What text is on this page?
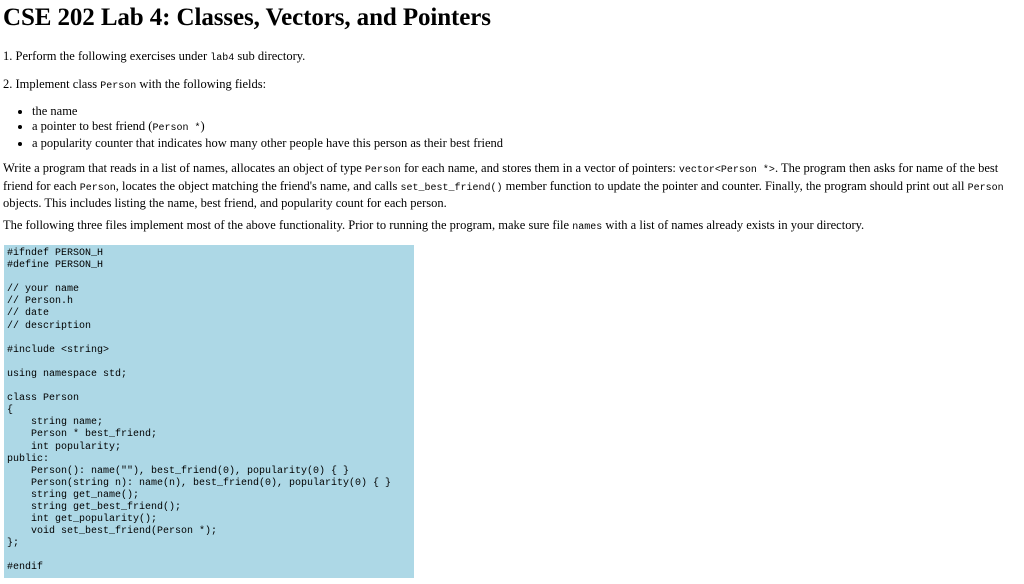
CSE 202 Lab 4: Classes, Vectors, and Pointers
1. Perform the following exercises under lab4 sub directory.
2. Implement class Person with the following fields:
• the name
• a pointer to best friend (Person *)
• a popularity counter that indicates how many other people have this person as their best friend
Write a program that reads in a list of names, allocates an object of type Person for each name, and stores them in a vector of pointers: vector<Person *>. The program then asks for name of the best friend for each Person, locates the object matching the friend's name, and calls set_best_friend() member function to update the pointer and counter. Finally, the program should print out all Person objects. This includes listing the name, best friend, and popularity count for each person.
The following three files implement most of the above functionality. Prior to running the program, make sure file names with a list of names already exists in your directory.
#ifndef PERSON_H
#define PERSON_H

// your name
// Person.h
// date
// description

#include <string>

using namespace std;

class Person
{
string name;
Person * best_friend;
int popularity;
public:
Person(): name(""), best_friend(0), popularity(0) { }
Person(string n): name(n), best_friend(0), popularity(0) { }
string get_name();
string get_best_friend();
int get_popularity();
void set_best_friend(Person *);
};

#endif
